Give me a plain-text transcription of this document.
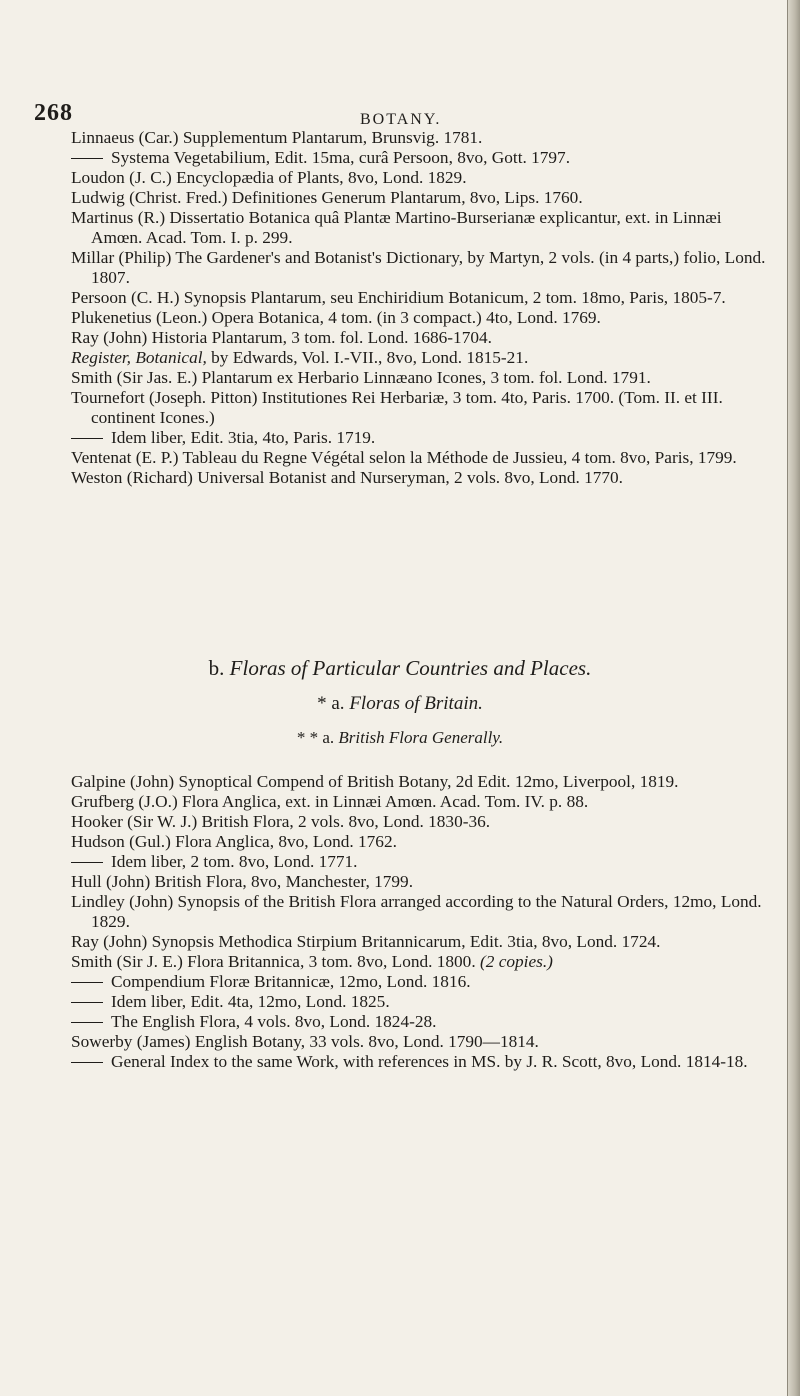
268	BOTANY.

Linnaeus (Car.) Supplementum Plantarum, Brunsvig. 1781.

Systema Vegetabilium, Edit. 15ma, curâ Persoon, 8vo, Gott. 1797.

Loudon (J. C.) Encyclopædia of Plants, 8vo, Lond. 1829.

Ludwig (Christ. Fred.) Definitiones Generum Plantarum, 8vo, Lips. 1760.

Martinus (R.) Dissertatio Botanica quâ Plantæ Martino-Burserianæ explicantur, ext. in Linnæi Amœn. Acad. Tom. I. p. 299.

Millar (Philip) The Gardener's and Botanist's Dictionary, by Martyn, 2 vols. (in 4 parts,) folio, Lond. 1807.

Persoon (C. H.) Synopsis Plantarum, seu Enchiridium Botanicum, 2 tom. 18mo, Paris, 1805-7.

Plukenetius (Leon.) Opera Botanica, 4 tom. (in 3 compact.) 4to, Lond. 1769.

Ray (John) Historia Plantarum, 3 tom. fol. Lond. 1686-1704.

Register, Botanical, by Edwards, Vol. I.-VII., 8vo, Lond. 1815-21.

Smith (Sir Jas. E.) Plantarum ex Herbario Linnæano Icones, 3 tom. fol. Lond. 1791.

Tournefort (Joseph. Pitton) Institutiones Rei Herbariæ, 3 tom. 4to, Paris. 1700. (Tom. II. et III. continent Icones.)

Idem liber, Edit. 3tia, 4to, Paris. 1719.

Ventenat (E. P.) Tableau du Regne Végétal selon la Méthode de Jussieu, 4 tom. 8vo, Paris, 1799.

Weston (Richard) Universal Botanist and Nurseryman, 2 vols. 8vo, Lond. 1770.

b. Floras of Particular Countries and Places.
* a. Floras of Britain.
* * a. British Flora Generally.

Galpine (John) Synoptical Compend of British Botany, 2d Edit. 12mo, Liverpool, 1819.

Grufberg (J.O.) Flora Anglica, ext. in Linnæi Amœn. Acad. Tom. IV. p. 88.

Hooker (Sir W. J.) British Flora, 2 vols. 8vo, Lond. 1830-36.

Hudson (Gul.) Flora Anglica, 8vo, Lond. 1762.

Idem liber, 2 tom. 8vo, Lond. 1771.

Hull (John) British Flora, 8vo, Manchester, 1799.

Lindley (John) Synopsis of the British Flora arranged according to the Natural Orders, 12mo, Lond. 1829.

Ray (John) Synopsis Methodica Stirpium Britannicarum, Edit. 3tia, 8vo, Lond. 1724.

Smith (Sir J. E.) Flora Britannica, 3 tom. 8vo, Lond. 1800. (2 copies.)

Compendium Floræ Britannicæ, 12mo, Lond. 1816.

Idem liber, Edit. 4ta, 12mo, Lond. 1825.

The English Flora, 4 vols. 8vo, Lond. 1824-28.

Sowerby (James) English Botany, 33 vols. 8vo, Lond. 1790—1814.

General Index to the same Work, with references in MS. by J. R. Scott, 8vo, Lond. 1814-18.
